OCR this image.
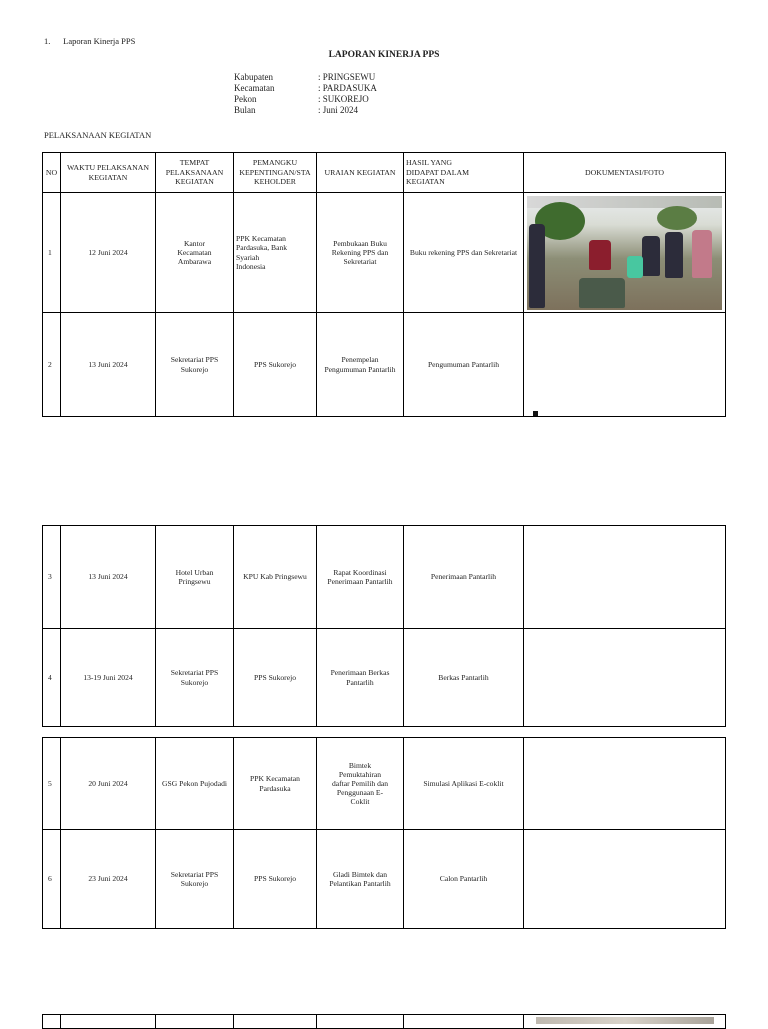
1. Laporan Kinerja PPS
LAPORAN KINERJA PPS
Kabupaten	: PRINGSEWU
Kecamatan	: PARDASUKA
Pekon	: SUKOREJO
Bulan	: Juni 2024
PELAKSANAAN KEGIATAN
NO	WAKTU PELAKSANAN KEGIATAN	TEMPAT PELAKSANAAN KEGIATAN	PEMANGKU KEPENTINGAN/STA KEHOLDER	URAIAN KEGIATAN	HASIL YANG
DIDAPAT DALAM
KEGIATAN	DOKUMENTASI/FOTO
1	12 Juni 2024	Kantor
Kecamatan
Ambarawa	PPK Kecamatan
Pardasuka, Bank
Syariah
Indonesia	Pembukaan Buku
Rekening PPS dan
Sekretariat	Buku rekening PPS dan Sekretariat	

2	13 Juni 2024	Sekretariat PPS
Sukorejo	PPS Sukorejo	Penempelan
Pengumuman Pantarlih	Pengumuman Pantarlih	
3	13 Juni 2024	Hotel Urban
Pringsewu	KPU Kab Pringsewu	Rapat Koordinasi
Penerimaan Pantarlih	Penerimaan Pantarlih	
4	13-19 Juni 2024	Sekretariat PPS
Sukorejo	PPS Sukorejo	Penerimaan Berkas
Pantarlih	Berkas Pantarlih	
5	20 Juni 2024	GSG Pekon Pujodadi	PPK Kecamatan
Pardasuka	Bimtek
Pemuktahiran
daftar Pemilih dan
Penggunaan E-
Coklit	Simulasi Aplikasi E-coklit	
6	23 Juni 2024	Sekretariat PPS
Sukorejo	PPS Sukorejo	Gladi Bimtek dan
Pelantikan Pantarlih	Calon Pantarlih	
